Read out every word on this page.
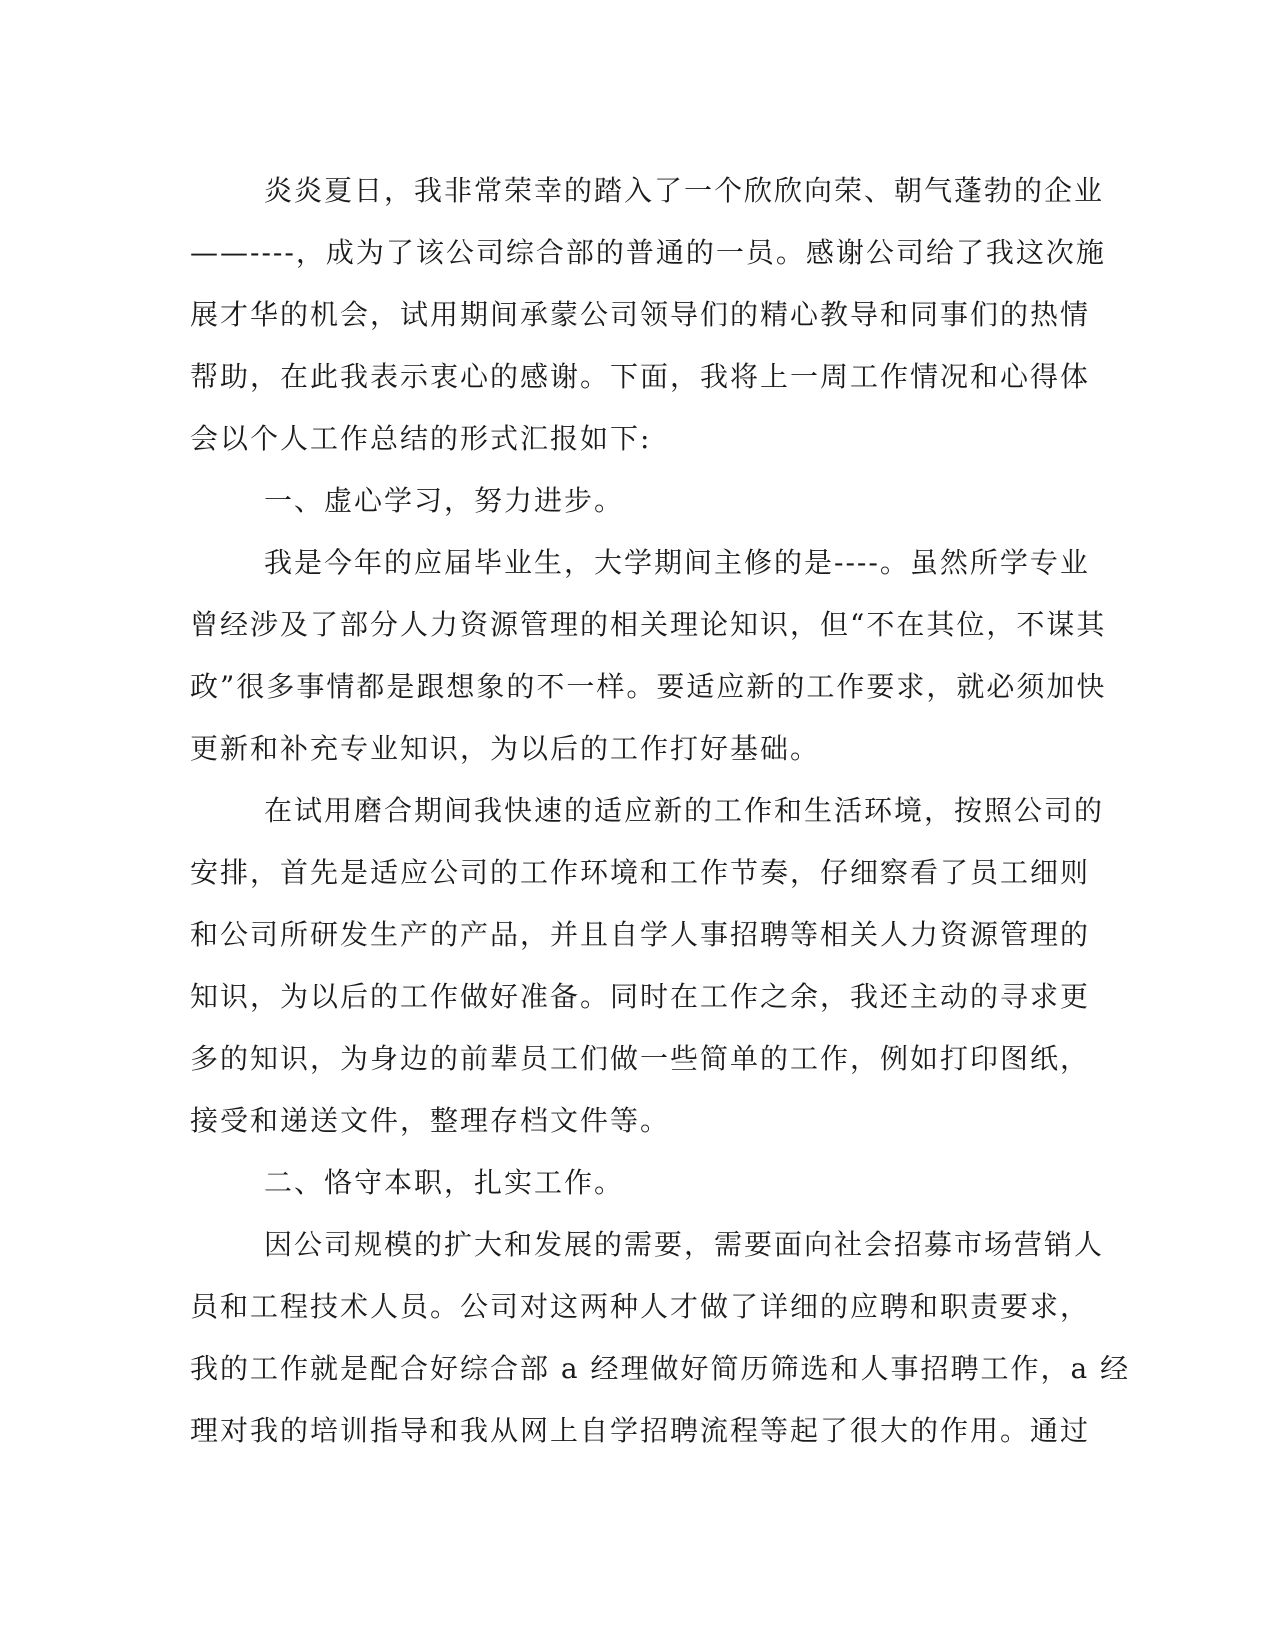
炎炎夏日，我非常荣幸的踏入了一个欣欣向荣、朝气蓬勃的企业
——----，成为了该公司综合部的普通的一员。感谢公司给了我这次施
展才华的机会，试用期间承蒙公司领导们的精心教导和同事们的热情
帮助，在此我表示衷心的感谢。下面，我将上一周工作情况和心得体
会以个人工作总结的形式汇报如下:
一、虚心学习，努力进步。
我是今年的应届毕业生，大学期间主修的是----。虽然所学专业
曾经涉及了部分人力资源管理的相关理论知识，但“不在其位，不谋其
政”很多事情都是跟想象的不一样。要适应新的工作要求，就必须加快
更新和补充专业知识，为以后的工作打好基础。
在试用磨合期间我快速的适应新的工作和生活环境，按照公司的
安排，首先是适应公司的工作环境和工作节奏，仔细察看了员工细则
和公司所研发生产的产品，并且自学人事招聘等相关人力资源管理的
知识，为以后的工作做好准备。同时在工作之余，我还主动的寻求更
多的知识，为身边的前辈员工们做一些简单的工作，例如打印图纸，
接受和递送文件，整理存档文件等。
二、恪守本职，扎实工作。
因公司规模的扩大和发展的需要，需要面向社会招募市场营销人
员和工程技术人员。公司对这两种人才做了详细的应聘和职责要求，
我的工作就是配合好综合部 a 经理做好简历筛选和人事招聘工作，a 经
理对我的培训指导和我从网上自学招聘流程等起了很大的作用。通过
